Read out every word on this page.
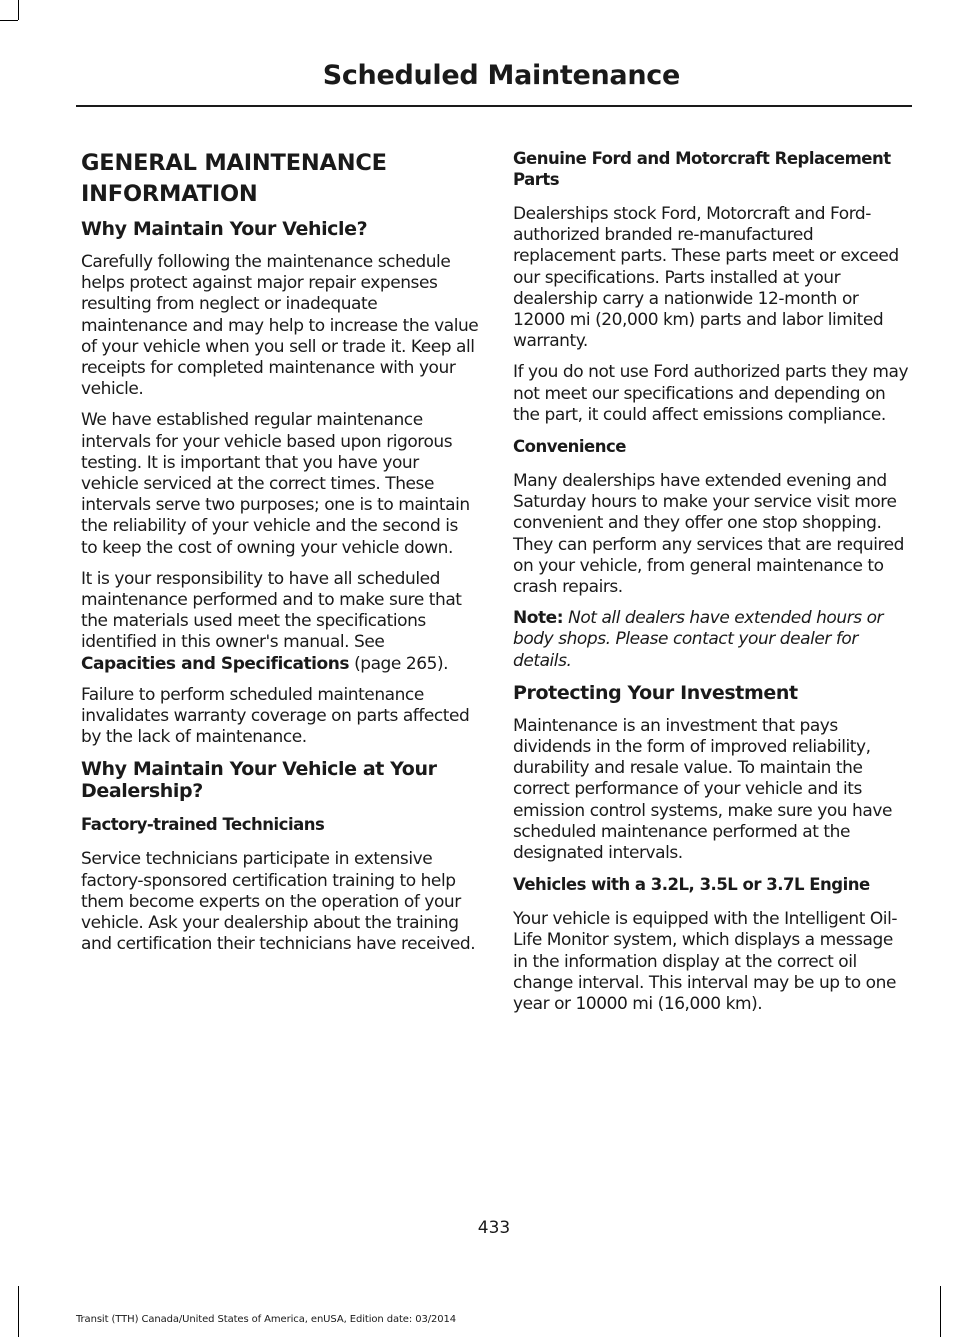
Scheduled Maintenance
GENERAL MAINTENANCE
INFORMATION
Why Maintain Your Vehicle?

Carefully following the maintenance schedule helps protect against major repair expenses resulting from neglect or inadequate maintenance and may help to increase the value of your vehicle when you sell or trade it. Keep all receipts for completed maintenance with your vehicle.

We have established regular maintenance intervals for your vehicle based upon rigorous testing. It is important that you have your vehicle serviced at the correct times. These intervals serve two purposes; one is to maintain the reliability of your vehicle and the second is to keep the cost of owning your vehicle down.

It is your responsibility to have all scheduled maintenance performed and to make sure that the materials used meet the specifications identified in this owner's manual. See Capacities and Specifications (page 265).

Failure to perform scheduled maintenance invalidates warranty coverage on parts affected by the lack of maintenance.

Why Maintain Your Vehicle at Your Dealership?
Factory-trained Technicians

Service technicians participate in extensive factory-sponsored certification training to help them become experts on the operation of your vehicle. Ask your dealership about the training and certification their technicians have received.

Genuine Ford and Motorcraft Replacement Parts

Dealerships stock Ford, Motorcraft and Ford-authorized branded re-manufactured replacement parts. These parts meet or exceed our specifications. Parts installed at your dealership carry a nationwide 12-month or 12000 mi (20,000 km) parts and labor limited warranty.

If you do not use Ford authorized parts they may not meet our specifications and depending on the part, it could affect emissions compliance.

Convenience

Many dealerships have extended evening and Saturday hours to make your service visit more convenient and they offer one stop shopping. They can perform any services that are required on your vehicle, from general maintenance to crash repairs.

Note: Not all dealers have extended hours or body shops. Please contact your dealer for details.

Protecting Your Investment

Maintenance is an investment that pays dividends in the form of improved reliability, durability and resale value. To maintain the correct performance of your vehicle and its emission control systems, make sure you have scheduled maintenance performed at the designated intervals.

Vehicles with a 3.2L, 3.5L or 3.7L Engine

Your vehicle is equipped with the Intelligent Oil-Life Monitor system, which displays a message in the information display at the correct oil change interval. This interval may be up to one year or 10000 mi (16,000 km).

433
Transit (TTH) Canada/United States of America, enUSA, Edition date: 03/2014
